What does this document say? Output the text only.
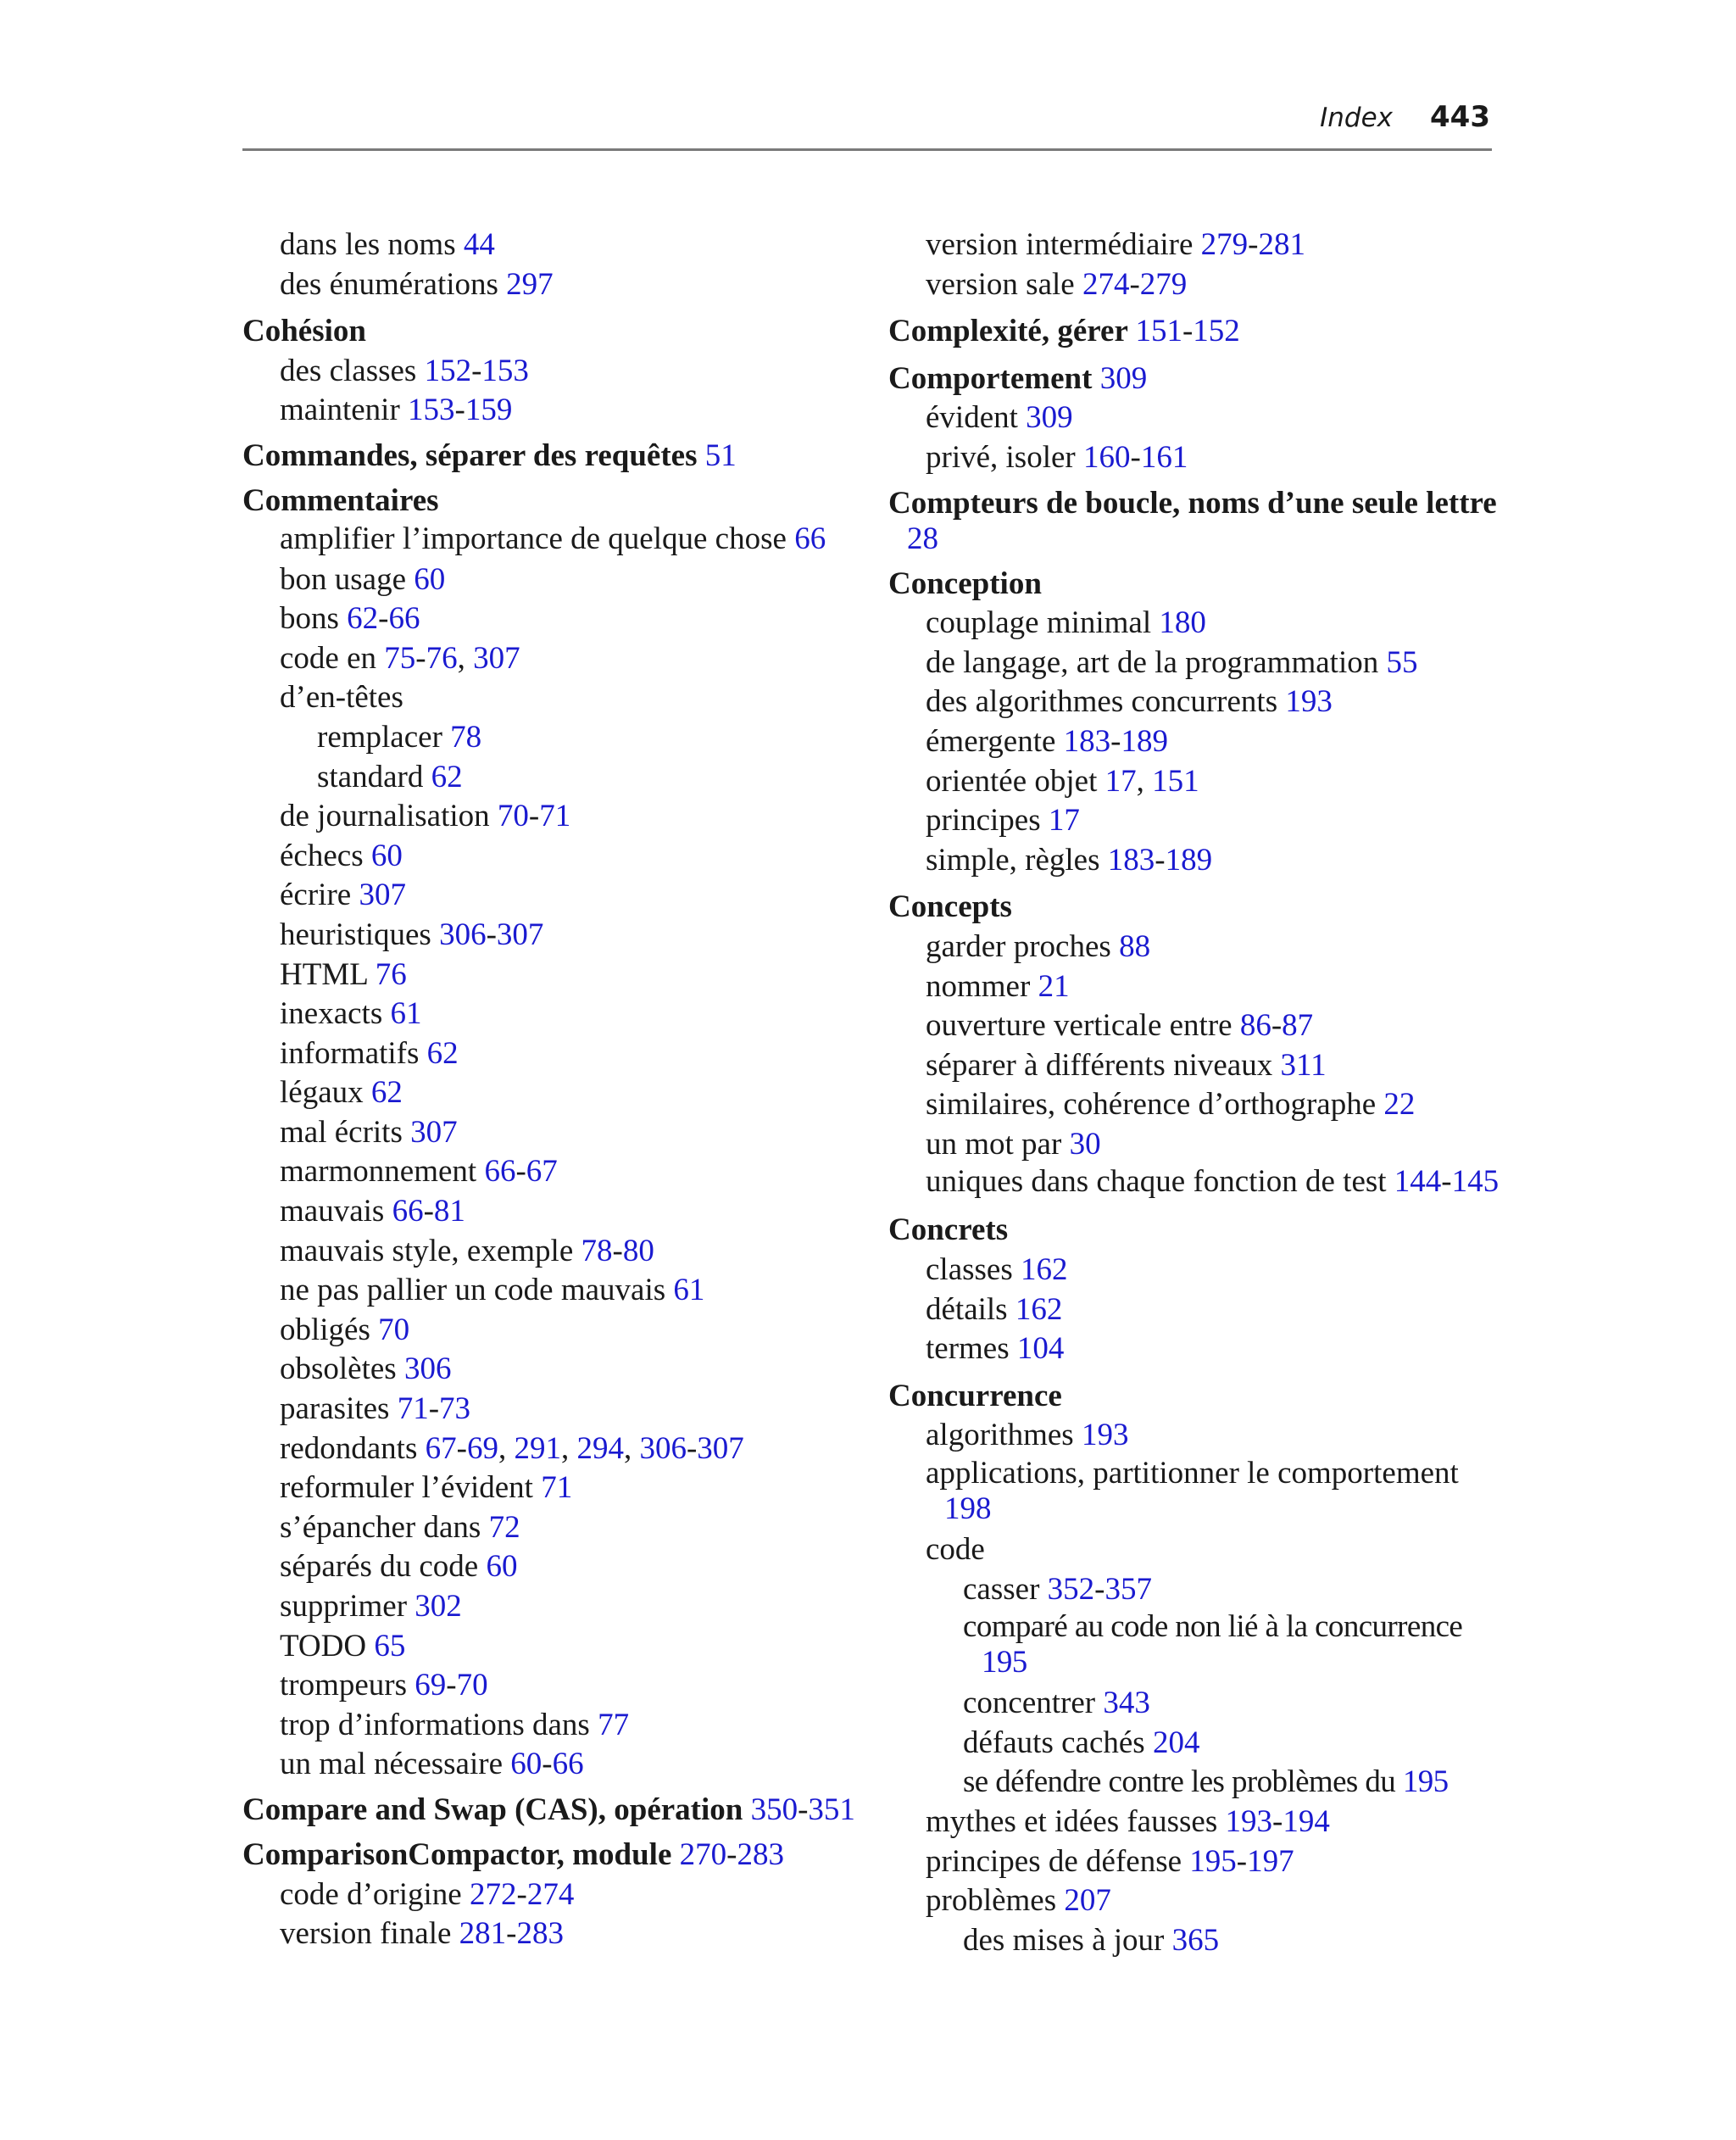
Index 443
dans les noms 44
des énumérations 297
Cohésion
des classes 152-153
maintenir 153-159
Commandes, séparer des requêtes 51
Commentaires
amplifier l’importance de quelque chose 66
bon usage 60
bons 62-66
code en 75-76, 307
d’en-têtes
remplacer 78
standard 62
de journalisation 70-71
échecs 60
écrire 307
heuristiques 306-307
HTML 76
inexacts 61
informatifs 62
légaux 62
mal écrits 307
marmonnement 66-67
mauvais 66-81
mauvais style, exemple 78-80
ne pas pallier un code mauvais 61
obligés 70
obsolètes 306
parasites 71-73
redondants 67-69, 291, 294, 306-307
reformuler l’évident 71
s’épancher dans 72
séparés du code 60
supprimer 302
TODO 65
trompeurs 69-70
trop d’informations dans 77
un mal nécessaire 60-66
Compare and Swap (CAS), opération 350-351
ComparisonCompactor, module 270-283
code d’origine 272-274
version finale 281-283
version intermédiaire 279-281
version sale 274-279
Complexité, gérer 151-152
Comportement 309
évident 309
privé, isoler 160-161
Compteurs de boucle, noms d’une seule lettre 28
Conception
couplage minimal 180
de langage, art de la programmation 55
des algorithmes concurrents 193
émergente 183-189
orientée objet 17, 151
principes 17
simple, règles 183-189
Concepts
garder proches 88
nommer 21
ouverture verticale entre 86-87
séparer à différents niveaux 311
similaires, cohérence d’orthographe 22
un mot par 30
uniques dans chaque fonction de test 144-145
Concrets
classes 162
détails 162
termes 104
Concurrence
algorithmes 193
applications, partitionner le comportement 198
code
casser 352-357
comparé au code non lié à la concurrence 195
concentrer 343
défauts cachés 204
se défendre contre les problèmes du 195
mythes et idées fausses 193-194
principes de défense 195-197
problèmes 207
des mises à jour 365
